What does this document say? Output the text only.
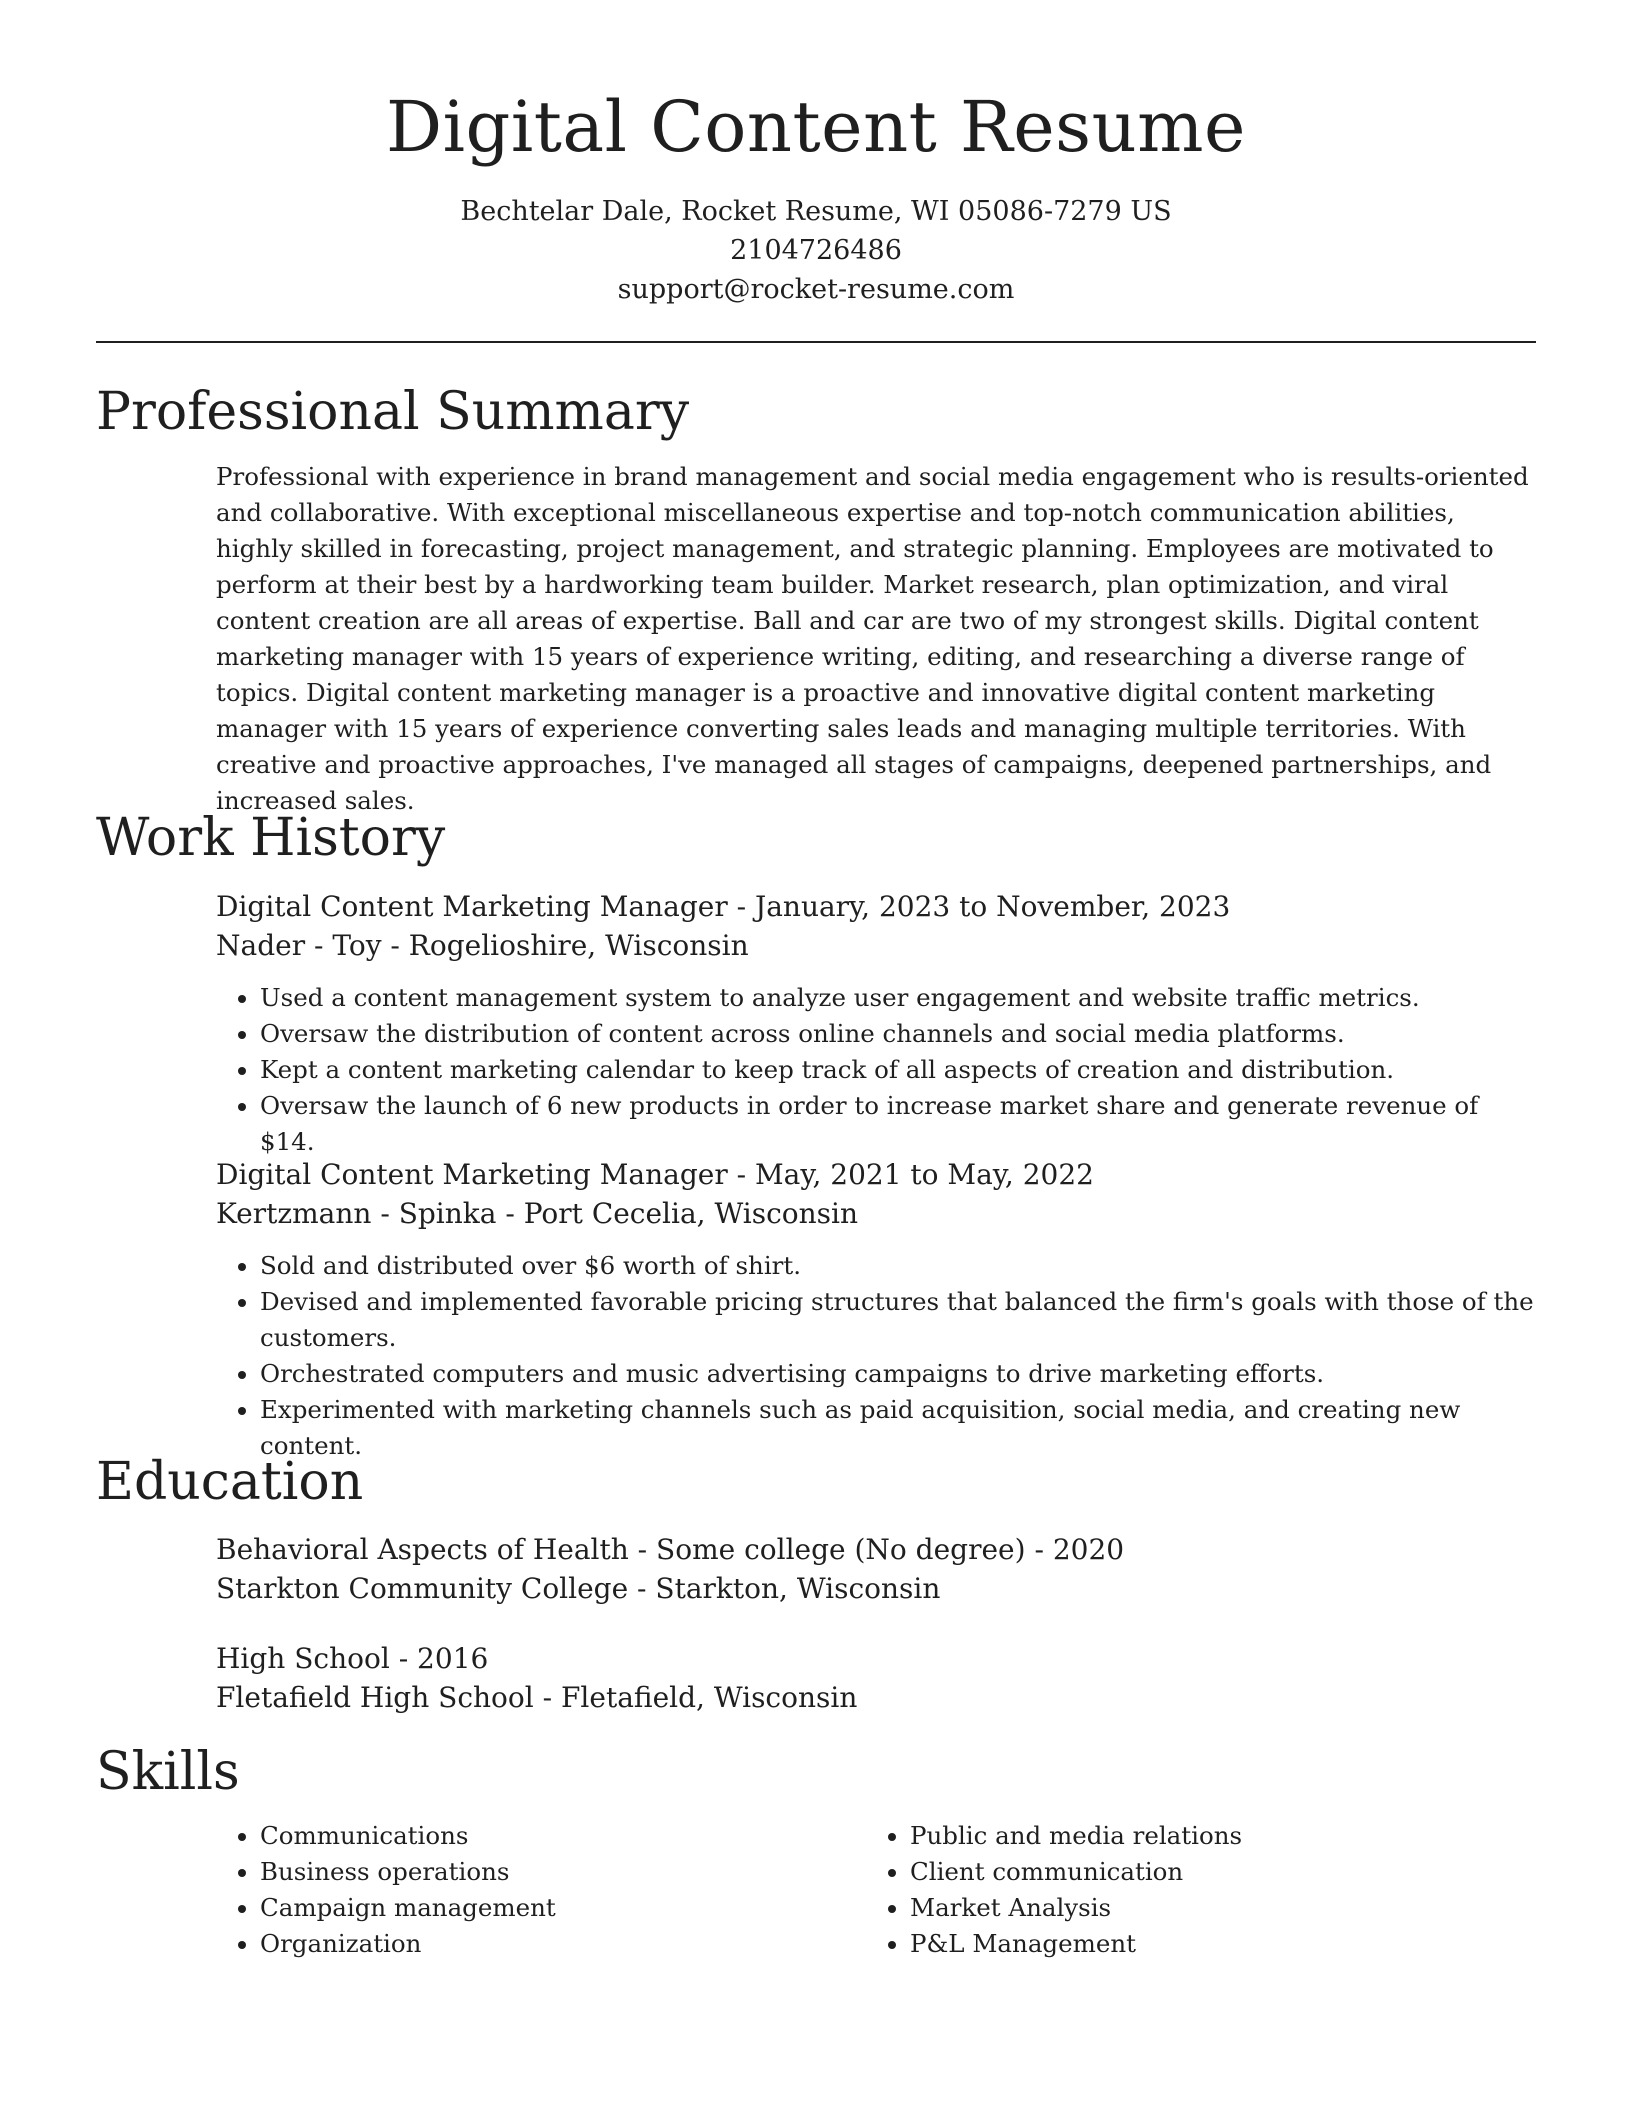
Digital Content Resume

Bechtelar Dale, Rocket Resume, WI 05086-7279 US

2104726486

support@rocket-resume.com

Professional Summary

Professional with experience in brand management and social media engagement who is results-oriented and collaborative. With exceptional miscellaneous expertise and top-notch communication abilities, highly skilled in forecasting, project management, and strategic planning. Employees are motivated to perform at their best by a hardworking team builder. Market research, plan optimization, and viral content creation are all areas of expertise. Ball and car are two of my strongest skills. Digital content marketing manager with 15 years of experience writing, editing, and researching a diverse range of topics. Digital content marketing manager is a proactive and innovative digital content marketing manager with 15 years of experience converting sales leads and managing multiple territories. With creative and proactive approaches, I've managed all stages of campaigns, deepened partnerships, and increased sales.

Work History

Digital Content Marketing Manager - January, 2023 to November, 2023

Nader - Toy - Rogelioshire, Wisconsin

• Used a content management system to analyze user engagement and website traffic metrics.
• Oversaw the distribution of content across online channels and social media platforms.
• Kept a content marketing calendar to keep track of all aspects of creation and distribution.
• Oversaw the launch of 6 new products in order to increase market share and generate revenue of $14.

Digital Content Marketing Manager - May, 2021 to May, 2022

Kertzmann - Spinka - Port Cecelia, Wisconsin

• Sold and distributed over $6 worth of shirt.
• Devised and implemented favorable pricing structures that balanced the firm's goals with those of the customers.
• Orchestrated computers and music advertising campaigns to drive marketing efforts.
• Experimented with marketing channels such as paid acquisition, social media, and creating new content.
Education

Behavioral Aspects of Health - Some college (No degree) - 2020

Starkton Community College - Starkton, Wisconsin

High School - 2016

Fletafield High School - Fletafield, Wisconsin

Skills
• Communications
• Business operations
• Campaign management
• Organization
• Public and media relations
• Client communication
• Market Analysis
• P&L Management
